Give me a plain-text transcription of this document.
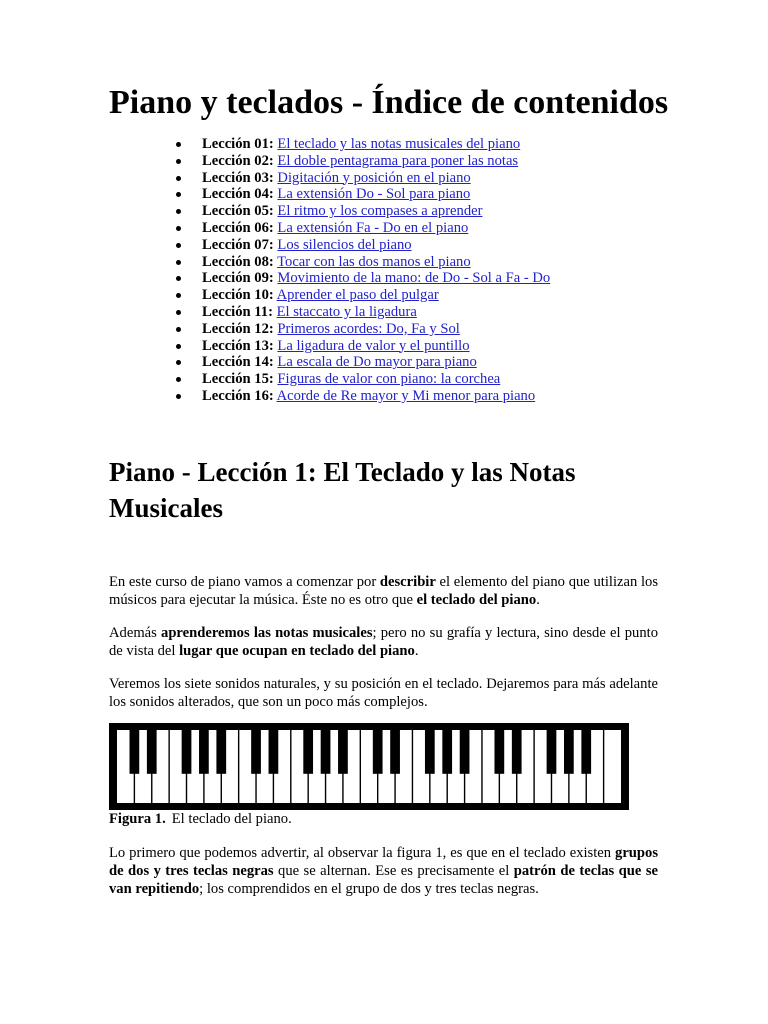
Piano y teclados - Índice de contenidos
Lección 01: El teclado y las notas musicales del piano
Lección 02: El doble pentagrama para poner las notas
Lección 03: Digitación y posición en el piano
Lección 04: La extensión Do - Sol para piano
Lección 05: El ritmo y los compases a aprender
Lección 06: La extensión Fa - Do en el piano
Lección 07: Los silencios del piano
Lección 08: Tocar con las dos manos el piano
Lección 09: Movimiento de la mano: de Do - Sol a Fa - Do
Lección 10: Aprender el paso del pulgar
Lección 11: El staccato y la ligadura
Lección 12: Primeros acordes: Do, Fa y Sol
Lección 13: La ligadura de valor y el puntillo
Lección 14: La escala de Do mayor para piano
Lección 15: Figuras de valor con piano: la corchea
Lección 16: Acorde de Re mayor y Mi menor para piano
Piano - Lección 1: El Teclado y las Notas Musicales

En este curso de piano vamos a comenzar por describir el elemento del piano que utilizan los músicos para ejecutar la música. Éste no es otro que el teclado del piano.

Además aprenderemos las notas musicales; pero no su grafía y lectura, sino desde el punto de vista del lugar que ocupan en teclado del piano.

Veremos los siete sonidos naturales, y su posición en el teclado. Dejaremos para más adelante los sonidos alterados, que son un poco más complejos.

Figura 1. El teclado del piano.

Lo primero que podemos advertir, al observar la figura 1, es que en el teclado existen grupos de dos y tres teclas negras que se alternan. Ese es precisamente el patrón de teclas que se van repitiendo; los comprendidos en el grupo de dos y tres teclas negras.
